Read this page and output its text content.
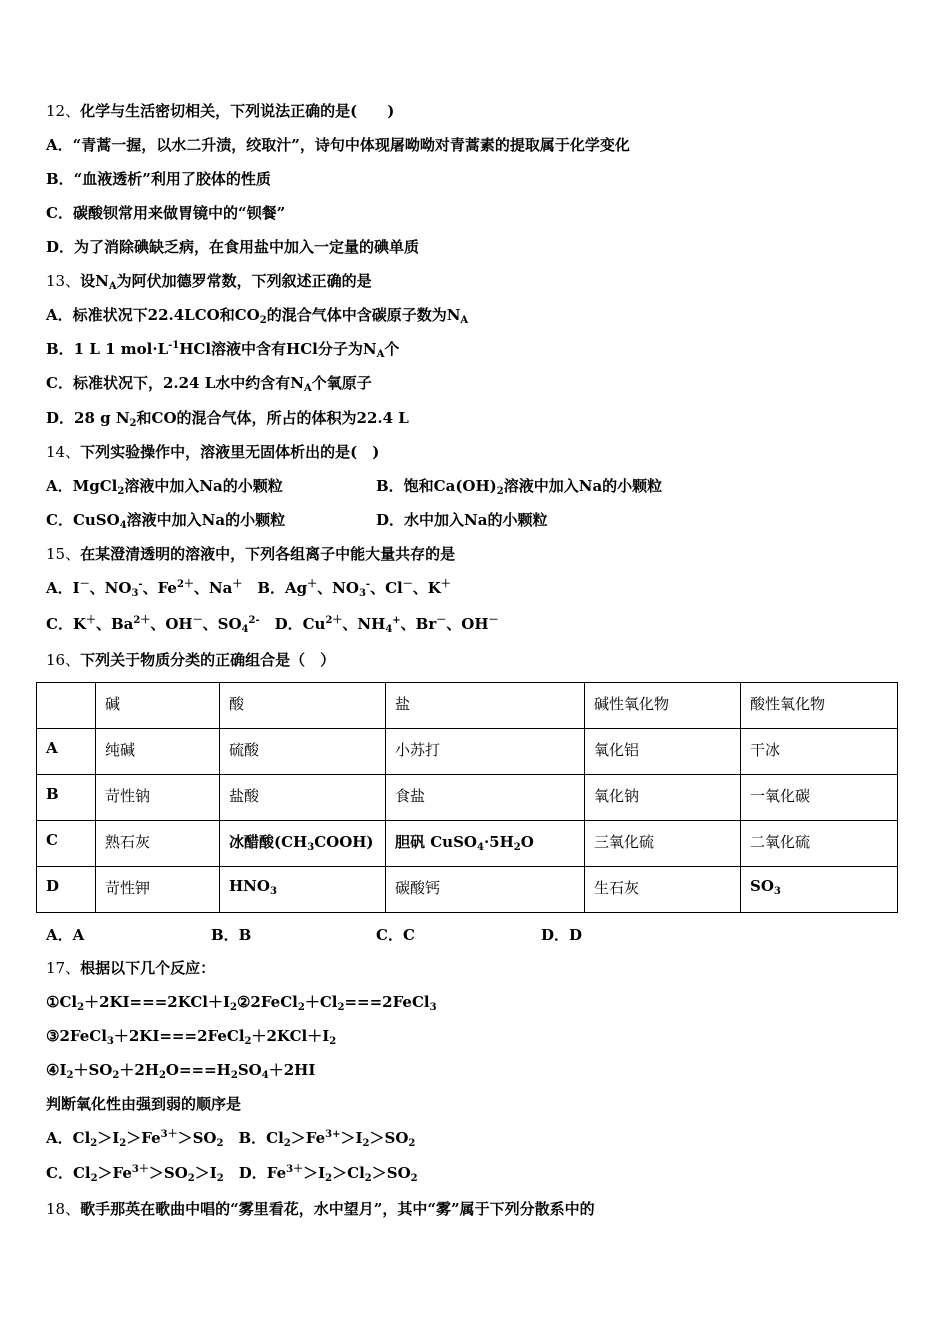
12、化学与生活密切相关，下列说法正确的是(　　)
A．“青蒿一握，以水二升渍，绞取汁”，诗句中体现屠呦呦对青蒿素的提取属于化学变化
B．“血液透析”利用了胶体的性质
C．碳酸钡常用来做胃镜中的“钡餐”
D．为了消除碘缺乏病，在食用盐中加入一定量的碘单质
13、设$N_A$为阿伏加德罗常数，下列叙述正确的是
A．标准状况下22.4LCO和$CO_2$的混合气体中含碳原子数为$N_A$
B．1 L 1 $mol\cdot L^{-1}HCl$溶液中含有HCl分子为$N_A$个
C．标准状况下，2.24 L水中约含有$N_A$个氧原子
D．28 g $N_2$和CO的混合气体，所占的体积为22.4 L
14、下列实验操作中，溶液里无固体析出的是(　)
A．MgCl$_2$溶液中加入Na的小颗粒	B．饱和$Ca(OH)_2$溶液中加入Na的小颗粒
C．CuSO$_4$溶液中加入Na的小颗粒	D．水中加入Na的小颗粒
15、在某澄清透明的溶液中，下列各组离子中能大量共存的是
A．I－、$NO_3^-$、$Fe^{2+}$、Na＋　B．Ag＋、$NO_3^-$、Cl－、K＋
C．K＋、$Ba^{2+}$、OH－、$SO_4^{2-}$　D．$Cu^{2+}$、$NH_4^+$、Br－、OH－
16、下列关于物质分类的正确组合是（　）
	碱	酸	盐	碱性氧化物	酸性氧化物
A	纯碱	硫酸	小苏打	氧化铝	干冰
B	苛性钠	盐酸	食盐	氧化钠	一氧化碳
C	熟石灰	冰醋酸$(CH_3COOH)$	胆矾 $CuSO_4\cdot 5H_2O$	三氧化硫	二氧化硫
D	苛性钾	$HNO_3$	碳酸钙	生石灰	$SO_3$
A．A	B．B	C．C	D．D
17、根据以下几个反应：
$①Cl_2+2KI===2KCl+I_2②2FeCl_2+Cl_2===2FeCl_3$
$③2FeCl_3+2KI===2FeCl_2+2KCl+I_2$
$④I_2+SO_2+2H_2O===H_2SO_4+2HI$
判断氧化性由强到弱的顺序是
A．$Cl_2>I_2>Fe^{3+}>SO_2$　B．$Cl_2>Fe^{3+}>I_2>SO_2$
C．$Cl_2>Fe^{3+}>SO_2>I_2$　D．$Fe^{3+}>I_2>Cl_2>SO_2$
18、歌手那英在歌曲中唱的“雾里看花，水中望月”，其中“雾”属于下列分散系中的
